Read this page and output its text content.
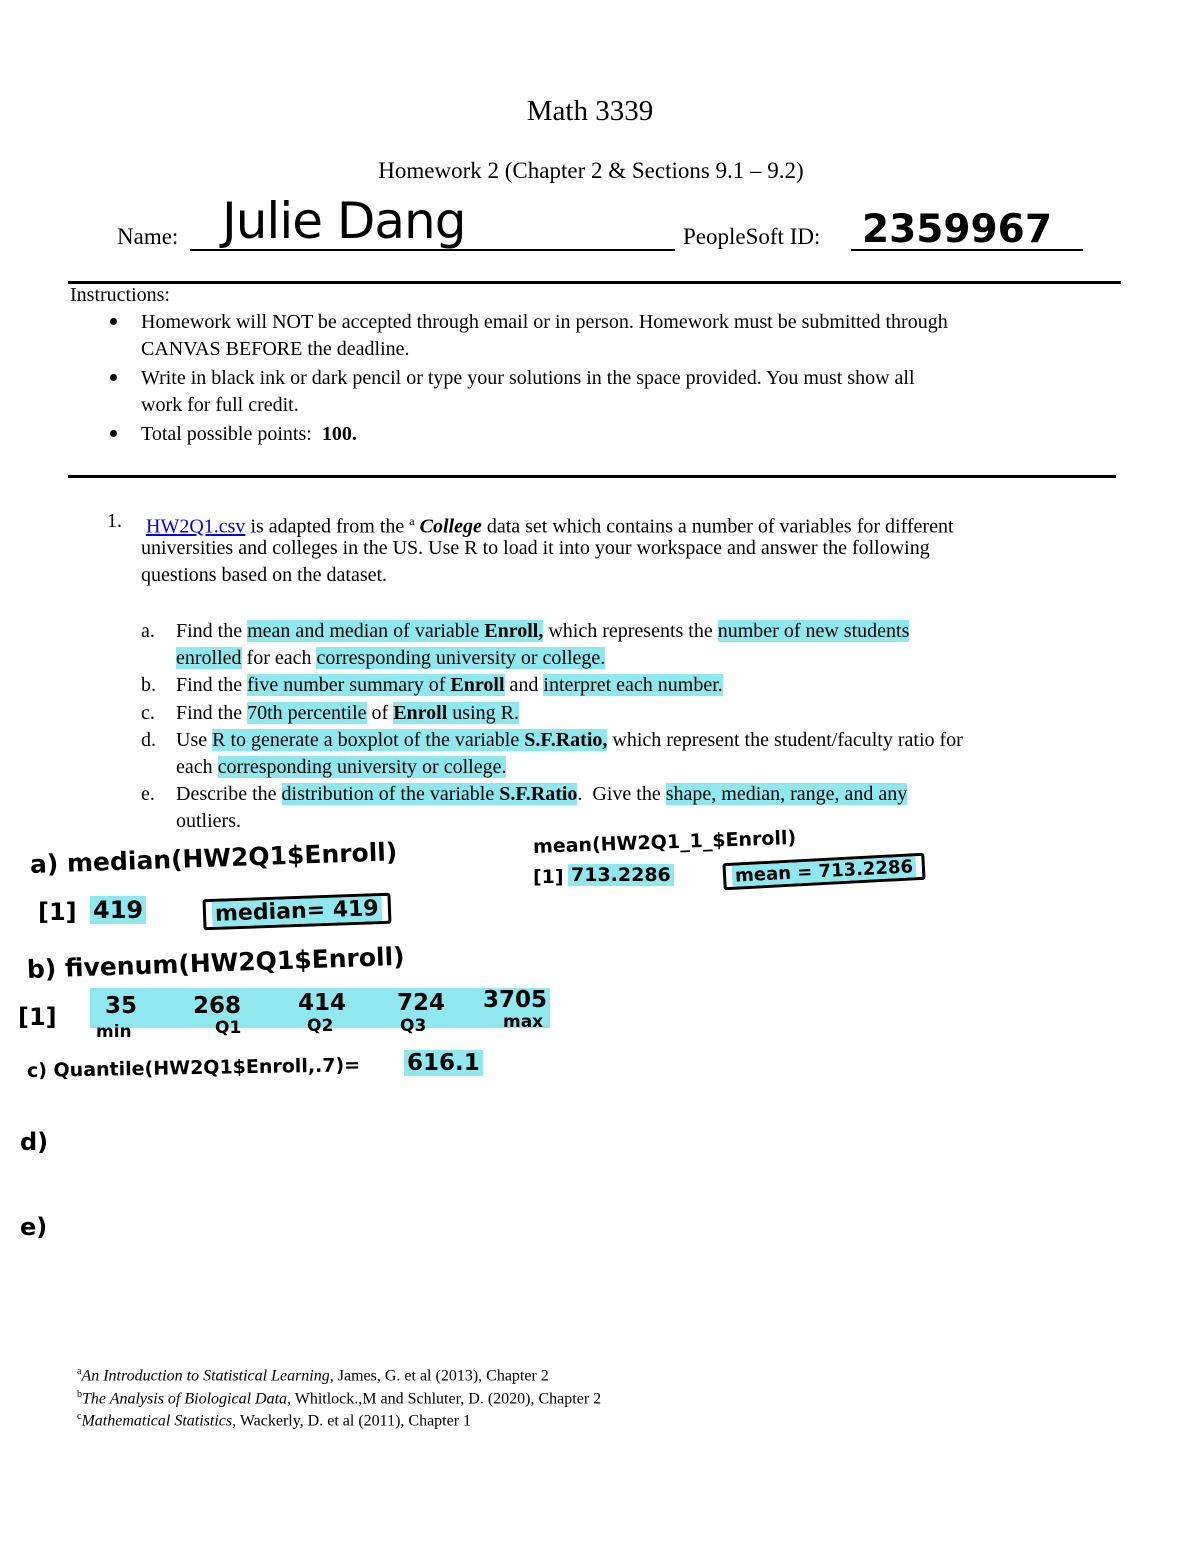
Math 3339
Homework 2 (Chapter 2 & Sections 9.1 – 9.2)
Name: Julie Dang	PeopleSoft ID: 2359967
Instructions:
Homework will NOT be accepted through email or in person. Homework must be submitted through
CANVAS BEFORE the deadline.
Write in black ink or dark pencil or type your solutions in the space provided. You must show all
work for full credit.
Total possible points:  100.
1. HW2Q1.csv is adapted from the $^a$ College data set which contains a number of variables for different
universities and colleges in the US. Use R to load it into your workspace and answer the following
questions based on the dataset.
a. Find the mean and median of variable Enroll, which represents the number of new students
enrolled for each corresponding university or college.
b. Find the five number summary of Enroll and interpret each number.
c. Find the 70th percentile of Enroll using R.
d. Use R to generate a boxplot of the variable S.F.Ratio, which represent the student/faculty ratio for
each corresponding university or college.
e. Describe the distribution of the variable S.F.Ratio.  Give the shape, median, range, and any
outliers.
a) median(HW2Q1$Enroll)
[1] 419	median= 419
mean(HW2Q1_1_$Enroll)
[1] 713.2286	mean = 713.2286
b) fivenum(HW2Q1$Enroll)
[1] 35 268 414 724 3705
min	Q1	Q2	Q3	max
c) Quantile(HW2Q1$Enroll,.7)= 616.1
d)
e)
$^a$An Introduction to Statistical Learning, James, G. et al (2013), Chapter 2
$^b$The Analysis of Biological Data, Whitlock.,M and Schluter, D. (2020), Chapter 2
$^c$Mathematical Statistics, Wackerly, D. et al (2011), Chapter 1
